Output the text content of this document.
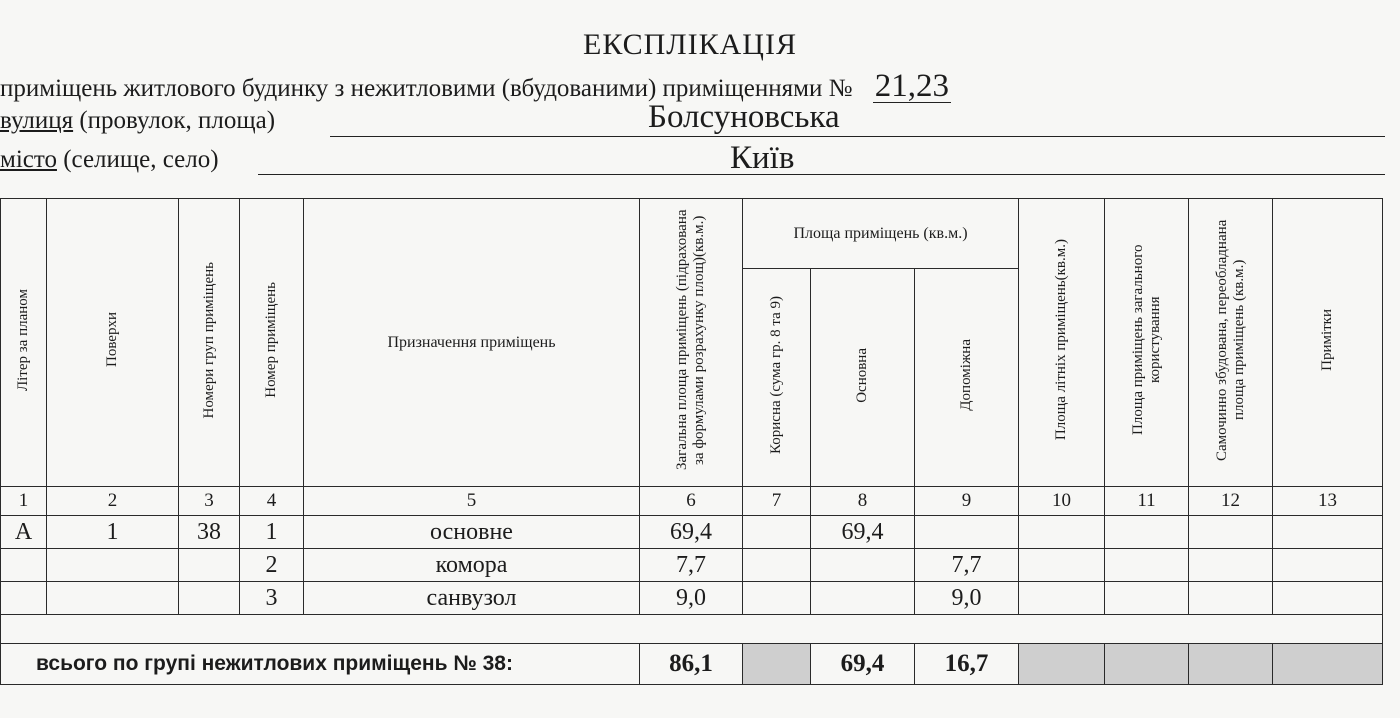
ЕКСПЛІКАЦІЯ
приміщень житлового будинку з нежитловими (вбудованими) приміщеннями № 21,23
вулиця (провулок, площа)	Болсуновська
місто (селище, село)	Київ
Літер за планом	Поверхи	Номери груп приміщень	Номер приміщень	Призначення приміщень	Загальна площа приміщень (підрахована за формулами розрахунку площ)(кв.м.)	Площа приміщень (кв.м.)			Площа літніх приміщень(кв.м.)	Площа приміщень загального користування	Самочинно збудована, переобладнана площа приміщень (кв.м.)	Примітки
						Корисна (сума гр. 8 та 9)	Основна	Допоміжна				
1	2	3	4	5	6	7	8	9	10	11	12	13
А	1	38	1	основне	69,4		69,4					
			2	комора	7,7			7,7				
			3	санвузол	9,0			9,0				

всього по групі нежитлових приміщень № 38:					86,1		69,4	16,7				
